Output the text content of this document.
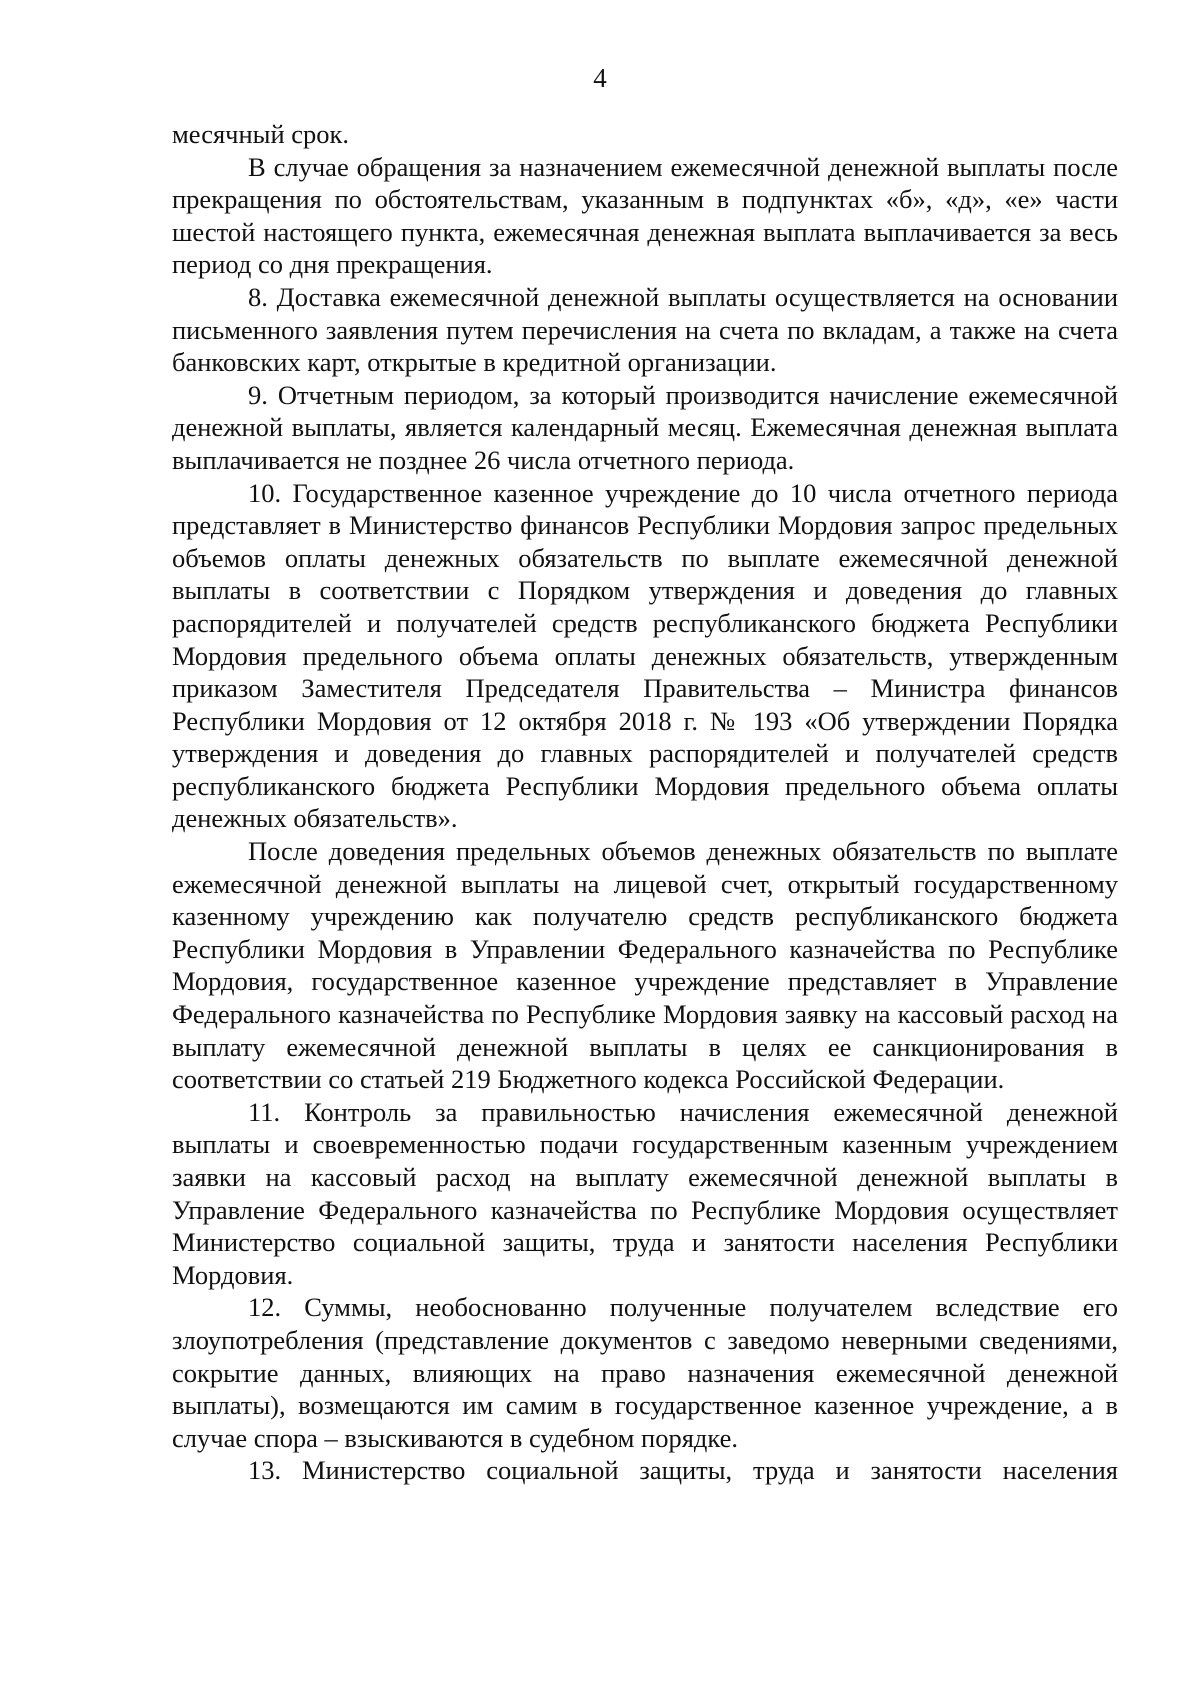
4

месячный срок.

В случае обращения за назначением ежемесячной денежной выплаты после прекращения по обстоятельствам, указанным в подпунктах «б», «д», «е» части шестой настоящего пункта, ежемесячная денежная выплата выплачивается за весь период со дня прекращения.

8. Доставка ежемесячной денежной выплаты осуществляется на основании письменного заявления путем перечисления на счета по вкладам, а также на счета банковских карт, открытые в кредитной организации.

9. Отчетным периодом, за который производится начисление ежемесячной денежной выплаты, является календарный месяц. Ежемесячная денежная выплата выплачивается не позднее 26 числа отчетного периода.

10. Государственное казенное учреждение до 10 числа отчетного периода представляет в Министерство финансов Республики Мордовия запрос предельных объемов оплаты денежных обязательств по выплате ежемесячной денежной выплаты в соответствии с Порядком утверждения и доведения до главных распорядителей и получателей средств республиканского бюджета Республики Мордовия предельного объема оплаты денежных обязательств, утвержденным приказом Заместителя Председателя Правительства – Министра финансов Республики Мордовия от 12 октября 2018 г. № 193 «Об утверждении Порядка утверждения и доведения до главных распорядителей и получателей средств республиканского бюджета Республики Мордовия предельного объема оплаты денежных обязательств».

После доведения предельных объемов денежных обязательств по выплате ежемесячной денежной выплаты на лицевой счет, открытый государственному казенному учреждению как получателю средств республиканского бюджета Республики Мордовия в Управлении Федерального казначейства по Республике Мордовия, государственное казенное учреждение представляет в Управление Федерального казначейства по Республике Мордовия заявку на кассовый расход на выплату ежемесячной денежной выплаты в целях ее санкционирования в соответствии со статьей 219 Бюджетного кодекса Российской Федерации.

11. Контроль за правильностью начисления ежемесячной денежной выплаты и своевременностью подачи государственным казенным учреждением заявки на кассовый расход на выплату ежемесячной денежной выплаты в Управление Федерального казначейства по Республике Мордовия осуществляет Министерство социальной защиты, труда и занятости населения Республики Мордовия.

12. Суммы, необоснованно полученные получателем вследствие его злоупотребления (представление документов с заведомо неверными сведениями, сокрытие данных, влияющих на право назначения ежемесячной денежной выплаты), возмещаются им самим в государственное казенное учреждение, а в случае спора – взыскиваются в судебном порядке.

13. Министерство социальной защиты, труда и занятости населения
